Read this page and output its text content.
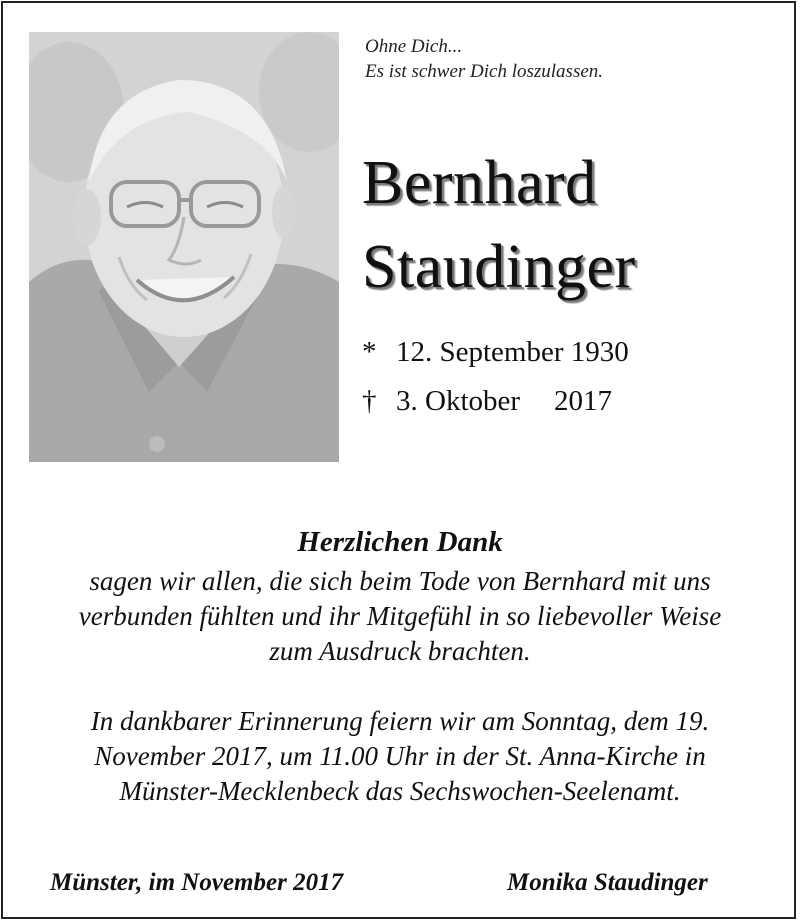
Ohne Dich...
Es ist schwer Dich loszulassen.
Bernhard
Staudinger
* 12. September 1930
† 3. Oktober 2017
Herzlichen Dank
sagen wir allen, die sich beim Tode von Bernhard mit uns
verbunden fühlten und ihr Mitgefühl in so liebevoller Weise
zum Ausdruck brachten.
In dankbarer Erinnerung feiern wir am Sonntag, dem 19.
November 2017, um 11.00 Uhr in der St. Anna-Kirche in
Münster-Mecklenbeck das Sechswochen-Seelenamt.
Münster, im November 2017	Monika Staudinger
